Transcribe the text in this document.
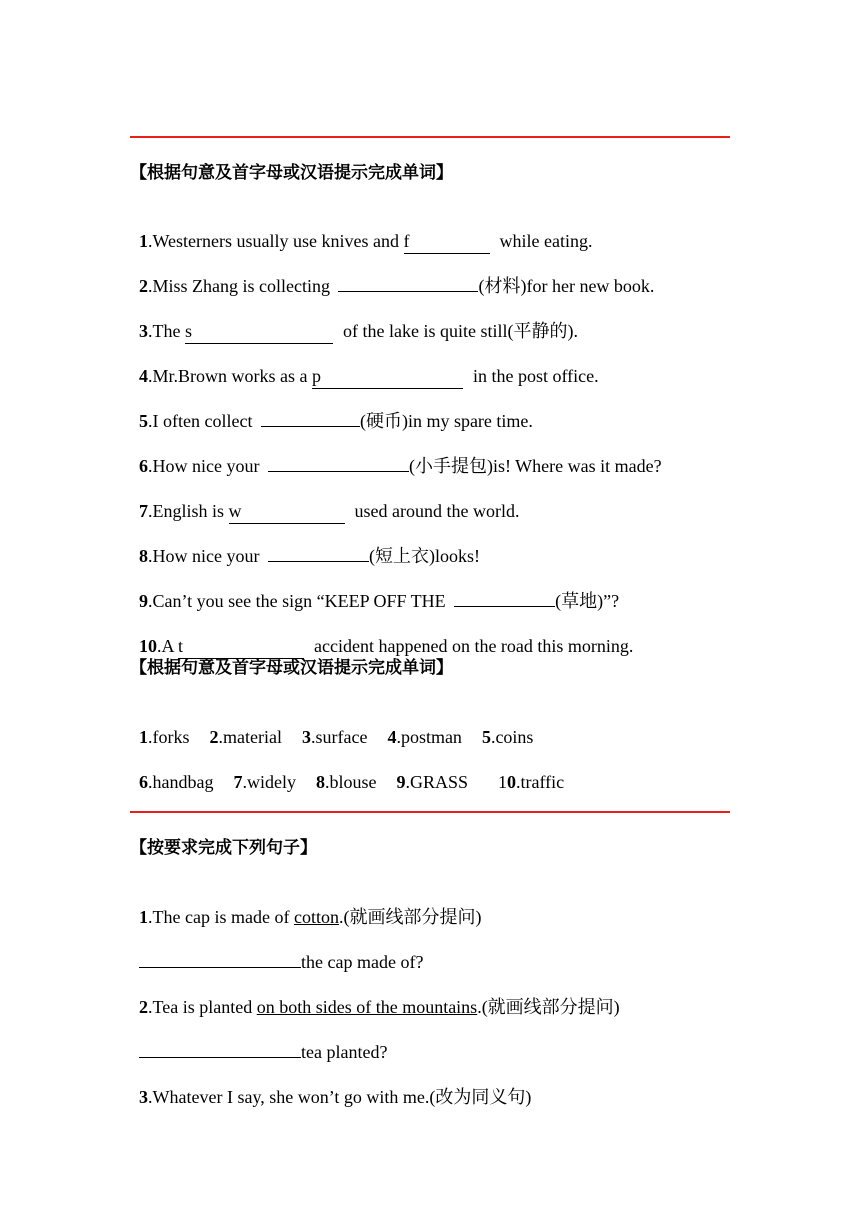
【根据句意及首字母或汉语提示完成单词】

1.Westerners usually use knives and f	while eating.

2.Miss Zhang is collecting	(材料)for her new book.

3.The s	of the lake is quite still(平静的).

4.Mr.Brown works as a p	in the post office.

5.I often collect	(硬币)in my spare time.

6.How nice your	(小手提包)is! Where was it made?

7.English is w	used around the world.

8.How nice your	(短上衣)looks!

9.Can’t you see the sign “KEEP OFF THE	(草地)”?

10.A t	accident happened on the road this morning.

【根据句意及首字母或汉语提示完成单词】

1.forks 2.material 3.surface 4.postman 5.coins

6.handbag 7.widely 8.blouse 9.GRASS 10.traffic

【按要求完成下列句子】

1.The cap is made of cotton.(就画线部分提问)

the cap made of?

2.Tea is planted on both sides of the mountains.(就画线部分提问)

tea planted?

3.Whatever I say, she won’t go with me.(改为同义句)
